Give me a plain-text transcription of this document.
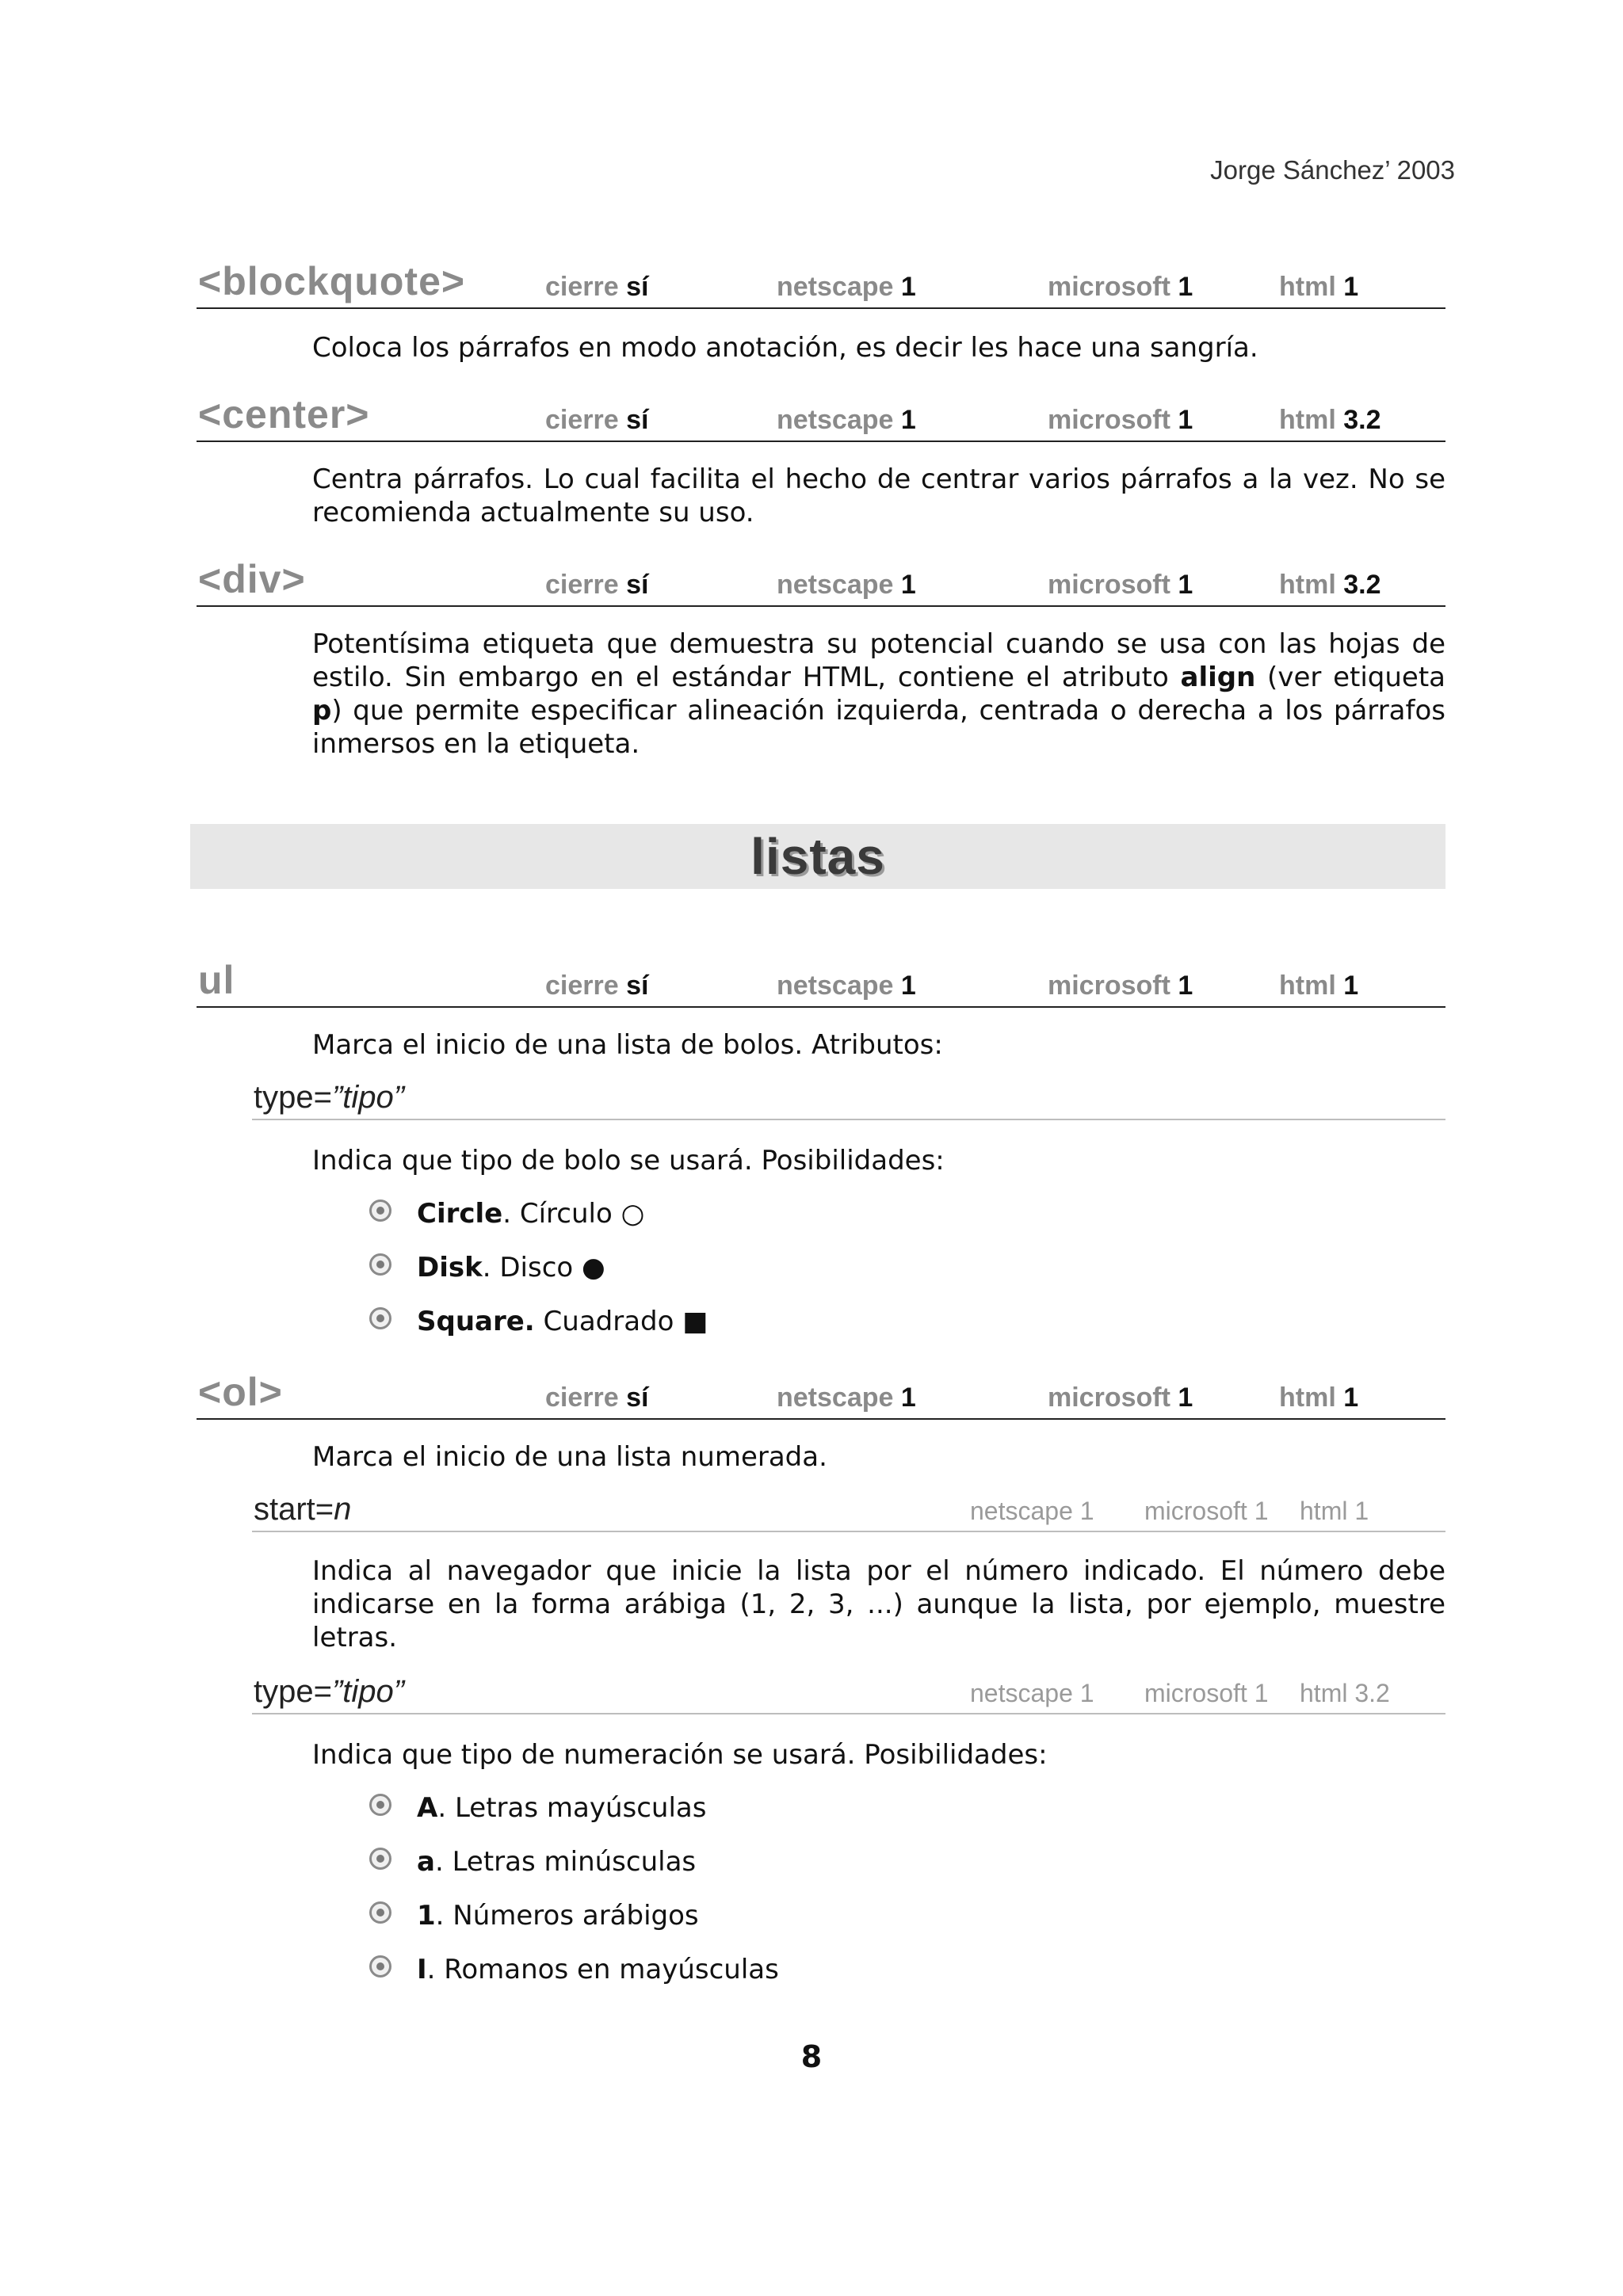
Jorge Sánchez’ 2003
<blockquote>	cierre sí	netscape 1	microsoft 1	html 1

Coloca los párrafos en modo anotación, es decir les hace una sangría.

<center>	cierre sí	netscape 1	microsoft 1	html 3.2

Centra párrafos. Lo cual facilita el hecho de centrar varios párrafos a la vez. No se recomienda actualmente su uso.

<div>	cierre sí	netscape 1	microsoft 1	html 3.2

Potentísima etiqueta que demuestra su potencial cuando se usa con las hojas de estilo. Sin embargo en el estándar HTML, contiene el atributo align (ver etiqueta p) que permite especificar alineación izquierda, centrada o derecha a los párrafos inmersos en la etiqueta.

listas
ul	cierre sí	netscape 1	microsoft 1	html 1

Marca el inicio de una lista de bolos. Atributos:

type=”tipo”

Indica que tipo de bolo se usará. Posibilidades:

Circle. Círculo ○
Disk. Disco ●
Square. Cuadrado ■
<ol>	cierre sí	netscape 1	microsoft 1	html 1

Marca el inicio de una lista numerada.

start=n	netscape 1 microsoft 1 html 1

Indica al navegador que inicie la lista por el número indicado. El número debe indicarse en la forma arábiga (1, 2, 3, ...) aunque la lista, por ejemplo, muestre letras.

type=”tipo”	netscape 1 microsoft 1 html 3.2

Indica que tipo de numeración se usará. Posibilidades:

A. Letras mayúsculas
a. Letras minúsculas
1. Números arábigos
I. Romanos en mayúsculas
8
